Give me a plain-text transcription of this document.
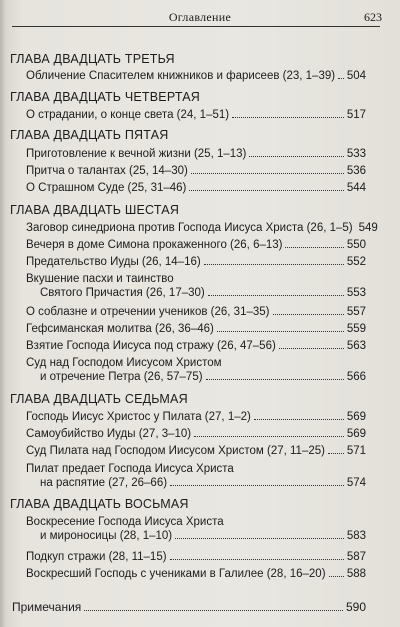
Оглавление	623
ГЛАВА ДВАДЦАТЬ ТРЕТЬЯ
Обличение Спасителем книжников и фарисеев (23, 1–39) 504
ГЛАВА ДВАДЦАТЬ ЧЕТВЕРТАЯ
О страдании, о конце света (24, 1–51)	517
ГЛАВА ДВАДЦАТЬ ПЯТАЯ
Приготовление к вечной жизни (25, 1–13)	533
Притча о талантах (25, 14–30)	536
О Страшном Суде (25, 31–46)	544
ГЛАВА ДВАДЦАТЬ ШЕСТАЯ
Заговор синедриона против Господа Иисуса Христа (26, 1–5) 549
Вечеря в доме Симона прокаженного (26, 6–13)	550
Предательство Иуды (26, 14–16)	552
Вкушение пасхи и таинство
Святого Причастия (26, 17–30)	553
О соблазне и отречении учеников (26, 31–35)	557
Гефсиманская молитва (26, 36–46)	559
Взятие Господа Иисуса под стражу (26, 47–56)	563
Суд над Господом Иисусом Христом
и отречение Петра (26, 57–75)	566
ГЛАВА ДВАДЦАТЬ СЕДЬМАЯ
Господь Иисус Христос у Пилата (27, 1–2)	569
Самоубийство Иуды (27, 3–10)	569
Суд Пилата над Господом Иисусом Христом (27, 11–25) 571
Пилат предает Господа Иисуса Христа
на распятие (27, 26–66)	574
ГЛАВА ДВАДЦАТЬ ВОСЬМАЯ
Воскресение Господа Иисуса Христа
и мироносицы (28, 1–10)	583
Подкуп стражи (28, 11–15)	587
Воскресший Господь с учениками в Галилее (28, 16–20) 588
Примечания	590
